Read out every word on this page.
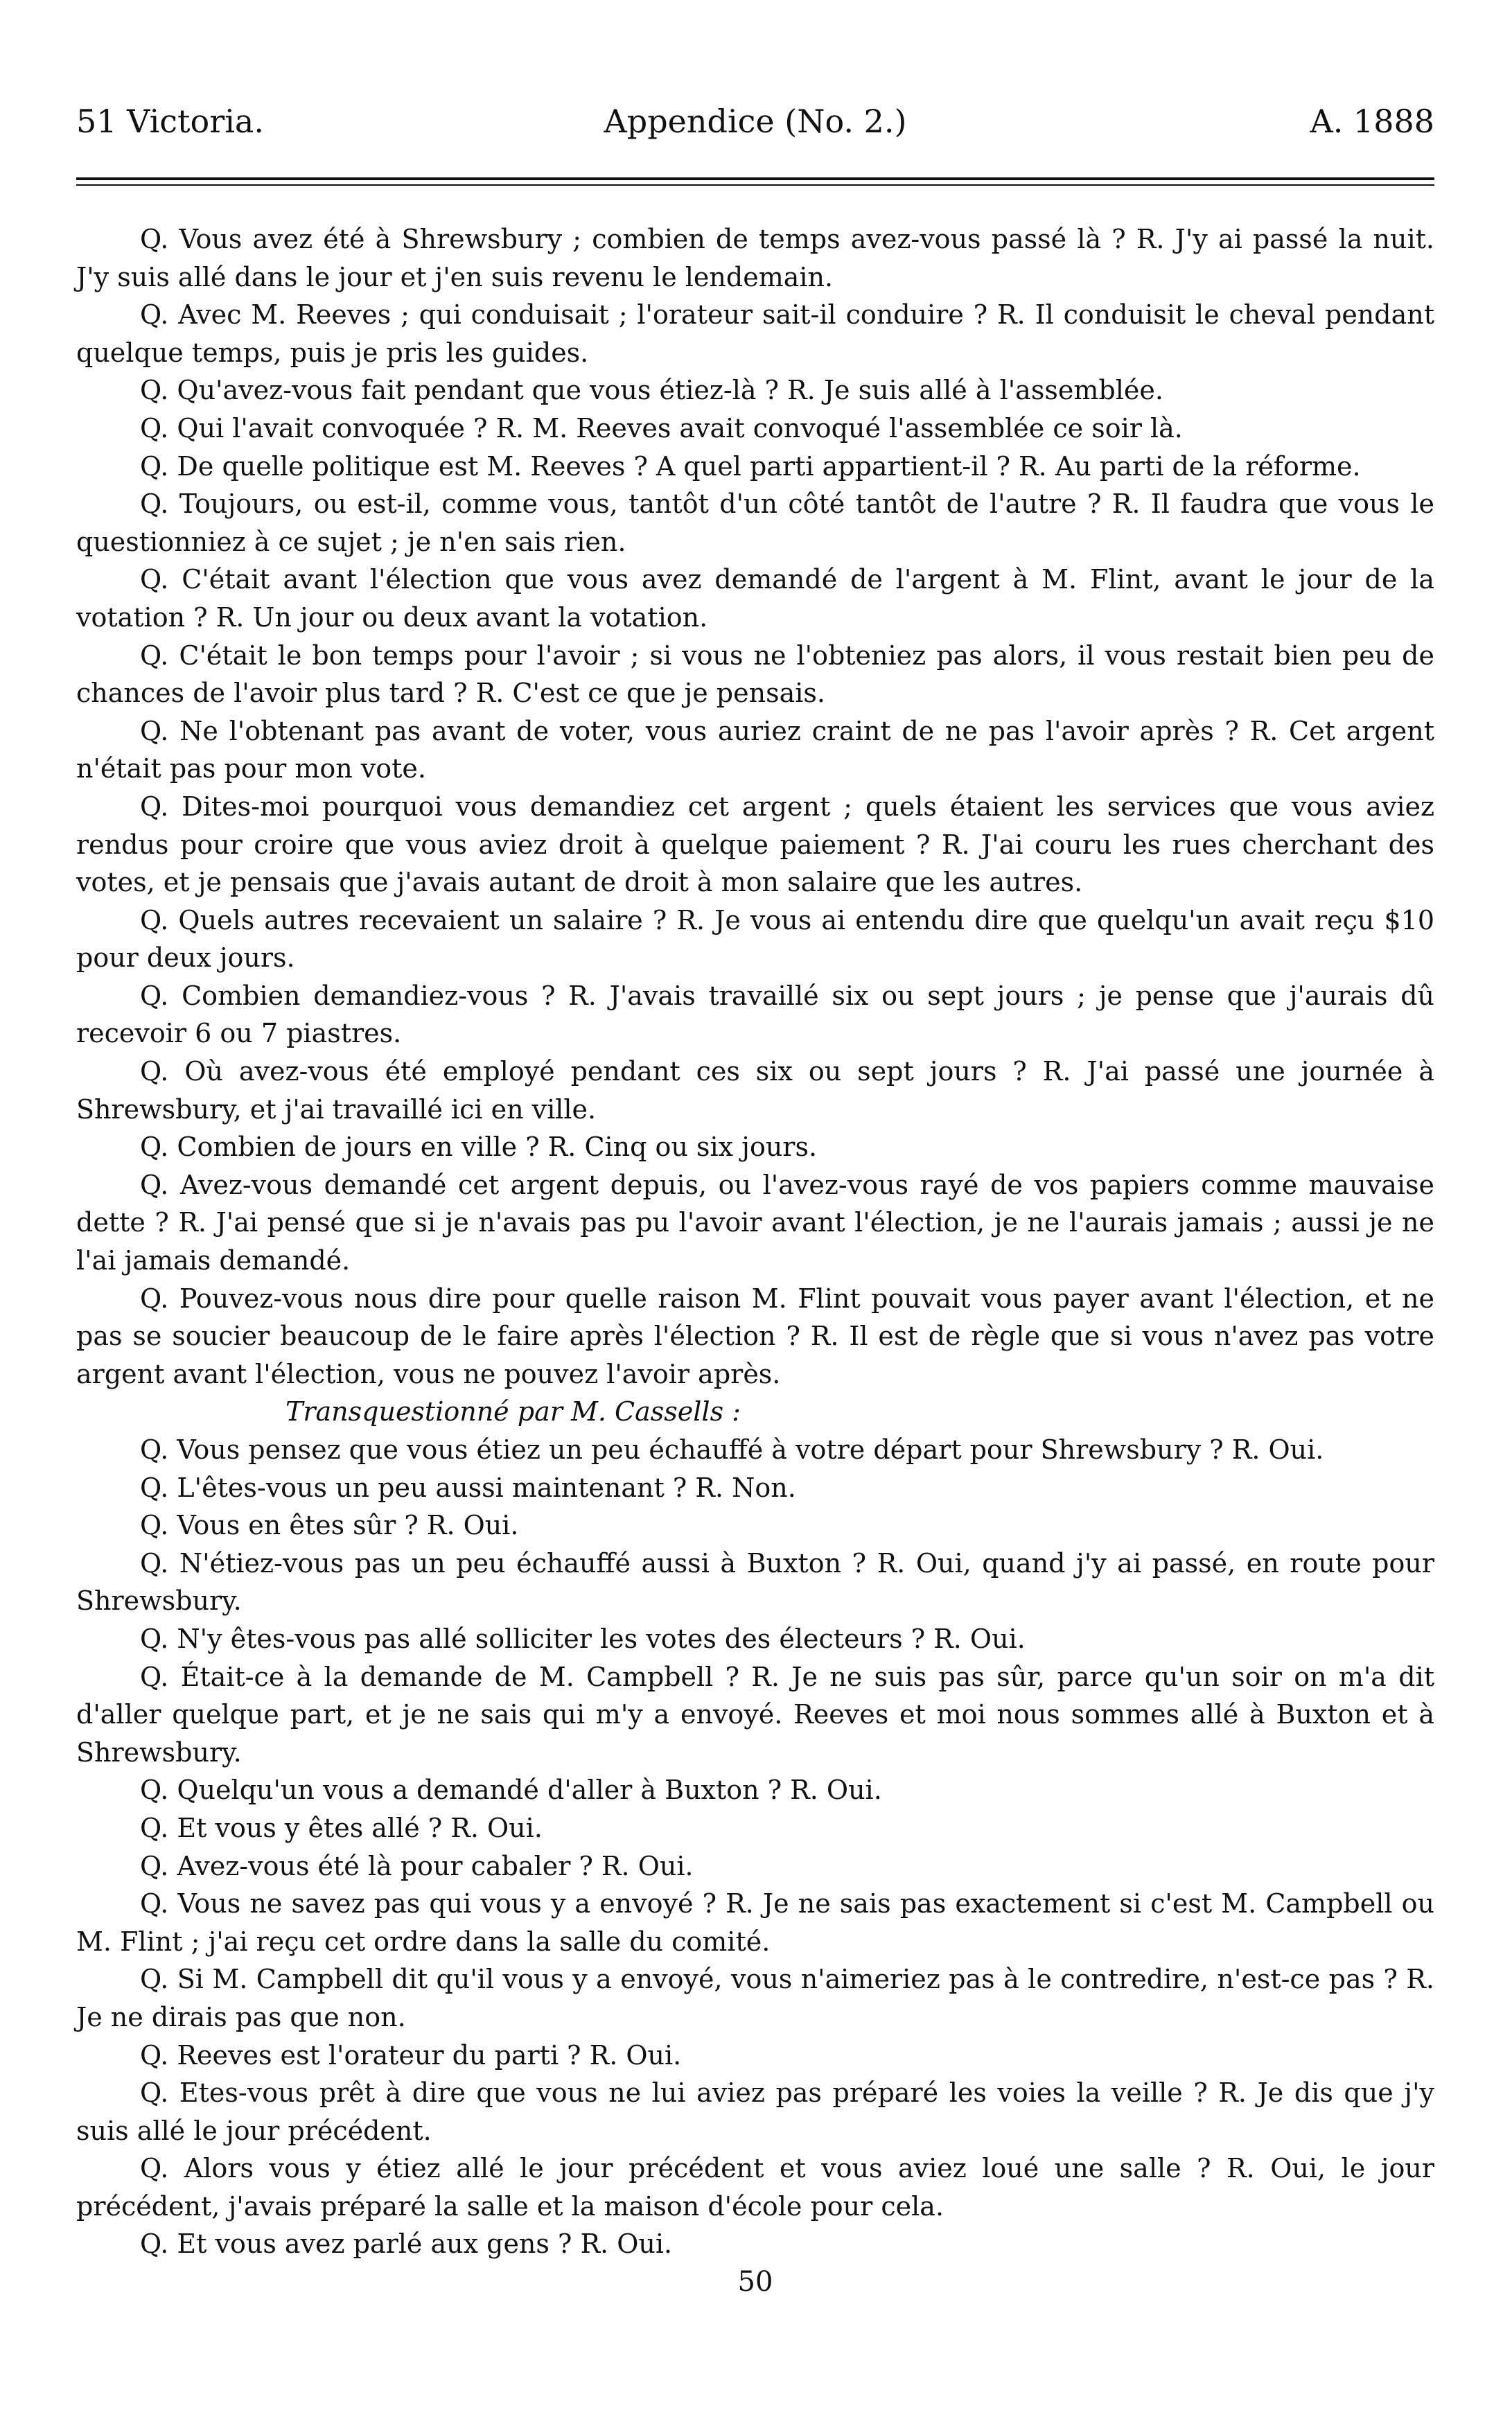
51 Victoria.	Appendice (No. 2.)	A. 1888

Q. Vous avez été à Shrewsbury ; combien de temps avez-vous passé là ? R. J'y ai passé la nuit. J'y suis allé dans le jour et j'en suis revenu le lendemain.

Q. Avec M. Reeves ; qui conduisait ; l'orateur sait-il conduire ? R. Il conduisit le cheval pendant quelque temps, puis je pris les guides.

Q. Qu'avez-vous fait pendant que vous étiez-là ? R. Je suis allé à l'assemblée.

Q. Qui l'avait convoquée ? R. M. Reeves avait convoqué l'assemblée ce soir là.

Q. De quelle politique est M. Reeves ? A quel parti appartient-il ? R. Au parti de la réforme.

Q. Toujours, ou est-il, comme vous, tantôt d'un côté tantôt de l'autre ? R. Il faudra que vous le questionniez à ce sujet ; je n'en sais rien.

Q. C'était avant l'élection que vous avez demandé de l'argent à M. Flint, avant le jour de la votation ? R. Un jour ou deux avant la votation.

Q. C'était le bon temps pour l'avoir ; si vous ne l'obteniez pas alors, il vous restait bien peu de chances de l'avoir plus tard ? R. C'est ce que je pensais.

Q. Ne l'obtenant pas avant de voter, vous auriez craint de ne pas l'avoir après ? R. Cet argent n'était pas pour mon vote.

Q. Dites-moi pourquoi vous demandiez cet argent ; quels étaient les services que vous aviez rendus pour croire que vous aviez droit à quelque paiement ? R. J'ai couru les rues cherchant des votes, et je pensais que j'avais autant de droit à mon salaire que les autres.

Q. Quels autres recevaient un salaire ? R. Je vous ai entendu dire que quelqu'un avait reçu $10 pour deux jours.

Q. Combien demandiez-vous ? R. J'avais travaillé six ou sept jours ; je pense que j'aurais dû recevoir 6 ou 7 piastres.

Q. Où avez-vous été employé pendant ces six ou sept jours ? R. J'ai passé une journée à Shrewsbury, et j'ai travaillé ici en ville.

Q. Combien de jours en ville ? R. Cinq ou six jours.

Q. Avez-vous demandé cet argent depuis, ou l'avez-vous rayé de vos papiers comme mauvaise dette ? R. J'ai pensé que si je n'avais pas pu l'avoir avant l'élection, je ne l'aurais jamais ; aussi je ne l'ai jamais demandé.

Q. Pouvez-vous nous dire pour quelle raison M. Flint pouvait vous payer avant l'élection, et ne pas se soucier beaucoup de le faire après l'élection ? R. Il est de règle que si vous n'avez pas votre argent avant l'élection, vous ne pouvez l'avoir après.

Transquestionné par M. Cassells :

Q. Vous pensez que vous étiez un peu échauffé à votre départ pour Shrewsbury ? R. Oui.

Q. L'êtes-vous un peu aussi maintenant ? R. Non.

Q. Vous en êtes sûr ? R. Oui.

Q. N'étiez-vous pas un peu échauffé aussi à Buxton ? R. Oui, quand j'y ai passé, en route pour Shrewsbury.

Q. N'y êtes-vous pas allé solliciter les votes des électeurs ? R. Oui.

Q. Était-ce à la demande de M. Campbell ? R. Je ne suis pas sûr, parce qu'un soir on m'a dit d'aller quelque part, et je ne sais qui m'y a envoyé. Reeves et moi nous sommes allé à Buxton et à Shrewsbury.

Q. Quelqu'un vous a demandé d'aller à Buxton ? R. Oui.

Q. Et vous y êtes allé ? R. Oui.

Q. Avez-vous été là pour cabaler ? R. Oui.

Q. Vous ne savez pas qui vous y a envoyé ? R. Je ne sais pas exactement si c'est M. Campbell ou M. Flint ; j'ai reçu cet ordre dans la salle du comité.

Q. Si M. Campbell dit qu'il vous y a envoyé, vous n'aimeriez pas à le contredire, n'est-ce pas ? R. Je ne dirais pas que non.

Q. Reeves est l'orateur du parti ? R. Oui.

Q. Etes-vous prêt à dire que vous ne lui aviez pas préparé les voies la veille ? R. Je dis que j'y suis allé le jour précédent.

Q. Alors vous y étiez allé le jour précédent et vous aviez loué une salle ? R. Oui, le jour précédent, j'avais préparé la salle et la maison d'école pour cela.

Q. Et vous avez parlé aux gens ? R. Oui.

50
